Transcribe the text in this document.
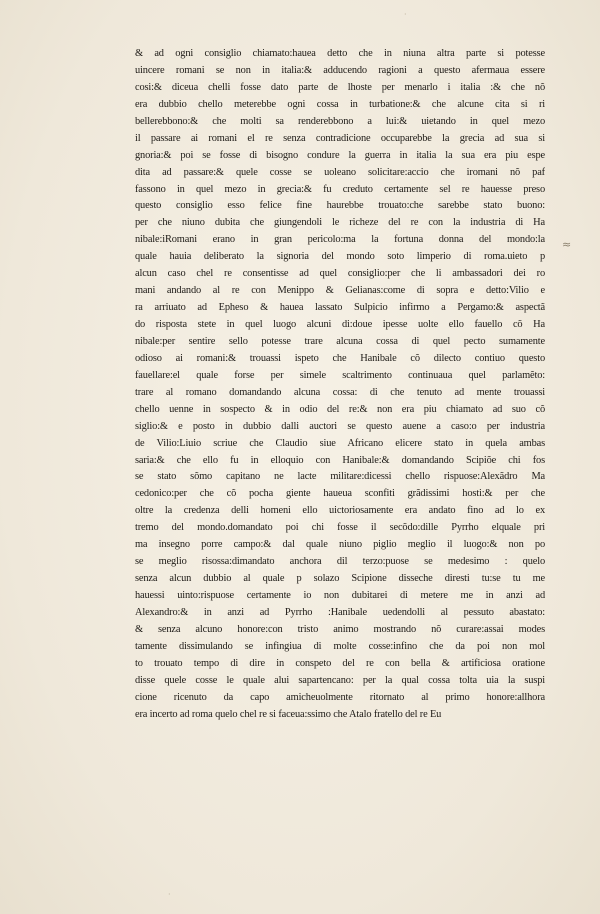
& ad ogni consiglio chiamato:hauea detto che in niuna altra parte si potesse
uincere romani se non in italia:& adducendo ragioni a questo afermaua essere
cosi:& diceua chelli fosse dato parte de lhoste per menarlo i italia :& che nõ
era dubbio chello meterebbe ogni cossa in turbatione:& che alcune cita si ri
bellerebbono:& che molti sa renderebbono a lui:& uietando in quel mezo
il passare ai romani el re senza contradicione occuparebbe la grecia ad sua si
gnoria:& poi se fosse di bisogno condure la guerra in italia la sua era piu espe
dita ad passare:& quele cosse se uoleano solicitare:accio che iromani nõ paf
fassono in quel mezo in grecia:& fu creduto certamente sel re hauesse preso
questo consiglio esso felice fine haurebbe trouato:che sarebbe stato buono:
per che niuno dubita che giungendoli le richeze del re con la industria di Ha
nibale:iRomani erano in gran pericolo:ma la fortuna donna del mondo:la
quale hauia deliberato la signoria del mondo soto limperio di roma.uieto p
alcun caso chel re consentisse ad quel consiglio:per che li ambassadori dei ro
mani andando al re con Menippo & Gelianas:come di sopra e detto:Vilio e
ra arriuato ad Epheso & hauea lassato Sulpicio infirmo a Pergamo:& aspectã
do risposta stete in quel luogo alcuni di:doue ipesse uolte ello fauello cõ Ha
nibale:per sentire sello potesse trare alcuna cossa di quel pecto sumamente
odioso ai romani:& trouassi ispeto che Hanibale cõ dilecto contiuo questo
fauellare:el quale forse per simele scaltrimento continuaua quel parlamẽto:
trare al romano domandando alcuna cossa: di che tenuto ad mente trouassi
chello uenne in sospecto & in odio del re:& non era piu chiamato ad suo cõ
siglio:& e posto in dubbio dalli auctori se questo auene a caso:o per industria
de Vilio:Liuio scriue che Claudio siue Africano elicere stato in quela ambas
saria:& che ello fu in elloquio con Hanibale:& domandando Scipiõe chi fos
se stato sõmo capitano ne lacte militare:dicessi chello rispuose:Alexãdro Ma
cedonico:per che cõ pocha giente haueua sconfiti grãdissimi hosti:& per che
oltre la credenza delli homeni ello uictoriosamente era andato fino ad lo ex
tremo del mondo.domandato poi chi fosse il secõdo:dille Pyrrho elquale pri
ma insegno porre campo:& dal quale niuno piglio meglio il luogo:& non po
se meglio risossa:dimandato anchora dil terzo:puose se medesimo : quelo
senza alcun dubbio al quale p solazo Scipione disseche diresti tu:se tu me
hauessi uinto:rispuose certamente io non dubitarei di metere me in anzi ad
Alexandro:& in anzi ad Pyrrho :Hanibale uedendolli al pessuto abastato:
& senza alcuno honore:con tristo animo mostrando nõ curare:assai modes
tamente dissimulando se infingiua di molte cosse:infino che da poi non mol
to trouato tempo di dire in conspeto del re con bella & artificiosa oratione
disse quele cosse le quale alui sapartencano: per la qual cossa tolta uia la suspi
cione ricenuto da capo amicheuolmente ritornato al primo honore:allhora
era incerto ad roma quelo chel re si faceua:ssimo che Atalo fratello del re Eu
≈
·
·
